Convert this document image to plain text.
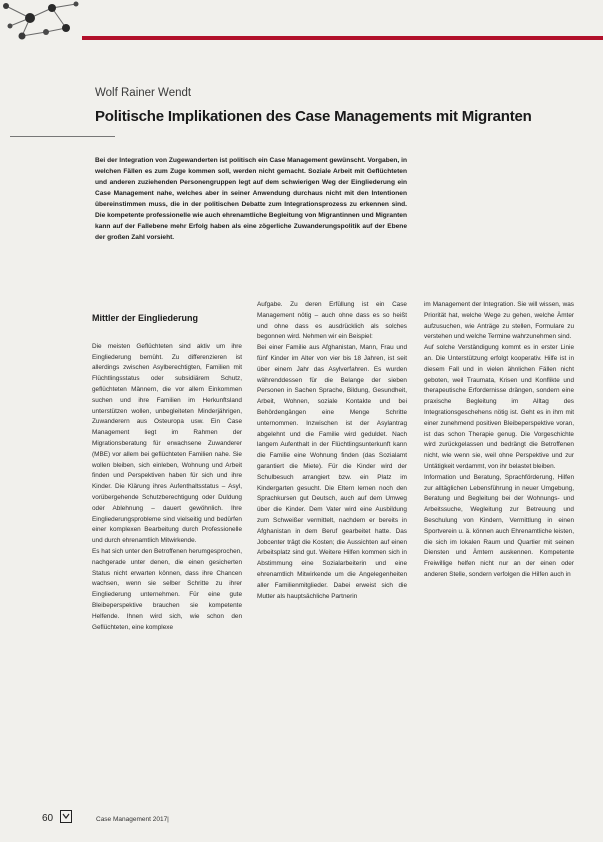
Wolf Rainer Wendt
Politische Implikationen des Case Managements mit Migranten

Bei der Integration von Zugewanderten ist politisch ein Case Management gewünscht. Vorgaben, in welchen Fällen es zum Zuge kommen soll, werden nicht gemacht. Soziale Arbeit mit Geflüchteten und anderen zuziehenden Personengruppen legt auf dem schwierigen Weg der Eingliederung ein Case Management nahe, welches aber in seiner Anwendung durchaus nicht mit den Intentionen übereinstimmen muss, die in der politischen Debatte zum Integrationsprozess zu erkennen sind. Die kompetente professionelle wie auch ehrenamtliche Begleitung von Migrantinnen und Migranten kann auf der Fallebene mehr Erfolg haben als eine zögerliche Zuwanderungspolitik auf der Ebene der großen Zahl vorsieht.

Mittler der Eingliederung

Die meisten Geflüchteten sind aktiv um ihre Eingliederung bemüht. Zu differenzieren ist allerdings zwischen Asylberechtigten, Familien mit Flüchtlingsstatus oder subsidiärem Schutz, geflüchteten Männern, die vor allem Einkommen suchen und ihre Familien im Herkunftsland unterstützen wollen, unbegleiteten Minderjährigen, Zuwanderern aus Osteuropa usw. Ein Case Management liegt im Rahmen der Migrationsberatung für erwachsene Zuwanderer (MBE) vor allem bei geflüchteten Familien nahe. Sie wollen bleiben, sich einleben, Wohnung und Arbeit finden und Perspektiven haben für sich und ihre Kinder. Die Klärung ihres Aufenthaltsstatus – Asyl, vorübergehende Schutzberechtigung oder Duldung oder Ablehnung – dauert gewöhnlich. Ihre Eingliederungsprobleme sind vielseitig und bedürfen einer komplexen Bearbeitung durch Professionelle und durch ehrenamtlich Mitwirkende.

Es hat sich unter den Betroffenen herumgesprochen, nachgerade unter denen, die einen gesicherten Status nicht erwarten können, dass ihre Chancen wachsen, wenn sie selber Schritte zu ihrer Eingliederung unternehmen. Für eine gute Bleibeperspektive brauchen sie kompetente Helfende. Ihnen wird sich, wie schon den Geflüchteten, eine komplexe

Aufgabe. Zu deren Erfüllung ist ein Case Management nötig – auch ohne dass es so heißt und ohne dass es ausdrücklich als solches begonnen wird. Nehmen wir ein Beispiel:

Bei einer Familie aus Afghanistan, Mann, Frau und fünf Kinder im Alter von vier bis 18 Jahren, ist seit über einem Jahr das Asylverfahren. Es wurden währenddessen für die Belange der sieben Personen in Sachen Sprache, Bildung, Gesundheit, Arbeit, Wohnen, soziale Kontakte und bei Behördengängen eine Menge Schritte unternommen. Inzwischen ist der Asylantrag abgelehnt und die Familie wird geduldet. Nach langem Aufenthalt in der Flüchtlingsunterkunft kann die Familie eine Wohnung finden (das Sozialamt garantiert die Miete). Für die Kinder wird der Schulbesuch arrangiert bzw. ein Platz im Kindergarten gesucht. Die Eltern lernen noch den Sprachkursen gut Deutsch, auch auf dem Umweg über die Kinder. Dem Vater wird eine Ausbildung zum Schweißer vermittelt, nachdem er bereits in Afghanistan in dem Beruf gearbeitet hatte. Das Jobcenter trägt die Kosten; die Aussichten auf einen Arbeitsplatz sind gut. Weitere Hilfen kommen sich in Abstimmung eine Sozialarbeiterin und eine ehrenamtlich Mitwirkende um die Angelegenheiten aller Familienmitglieder. Dabei erweist sich die Mutter als hauptsächliche Partnerin

im Management der Integration. Sie will wissen, was Priorität hat, welche Wege zu gehen, welche Ämter aufzusuchen, wie Anträge zu stellen, Formulare zu verstehen und welche Termine wahrzunehmen sind.

Auf solche Verständigung kommt es in erster Linie an. Die Unterstützung erfolgt kooperativ. Hilfe ist in diesem Fall und in vielen ähnlichen Fällen nicht geboten, weil Traumata, Krisen und Konflikte und therapeutische Erfordernisse drängen, sondern eine praxische Begleitung im Alltag des Integrationsgeschehens nötig ist. Geht es in ihm mit einer zunehmend positiven Bleibeperspektive voran, ist das schon Therapie genug. Die Vorgeschichte wird zurückgelassen und bedrängt die Betroffenen nicht, wie wenn sie, weil ohne Perspektive und zur Untätigkeit verdammt, von ihr belastet bleiben.

Information und Beratung, Sprachförderung, Hilfen zur alltäglichen Lebensführung in neuer Umgebung, Beratung und Begleitung bei der Wohnungs- und Arbeitssuche, Wegleitung zur Betreuung und Beschulung von Kindern, Vermittlung in einen Sportverein u. ä. können auch Ehrenamtliche leisten, die sich im lokalen Raum und Quartier mit seinen Diensten und Ämtern auskennen. Kompetente Freiwillige helfen nicht nur an der einen oder anderen Stelle, sondern verfolgen die Hilfen auch in

60	Case Management 2017|
